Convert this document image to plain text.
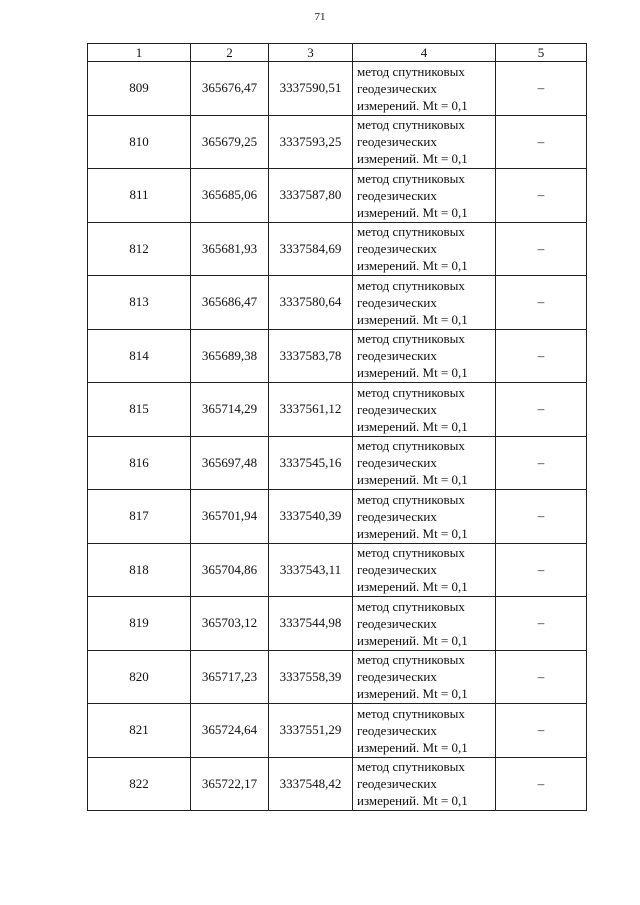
71
1	2	3	4	5
809	365676,47	3337590,51	метод спутниковых
геодезических
измерений. Mt = 0,1	–
810	365679,25	3337593,25	метод спутниковых
геодезических
измерений. Mt = 0,1	–
811	365685,06	3337587,80	метод спутниковых
геодезических
измерений. Mt = 0,1	–
812	365681,93	3337584,69	метод спутниковых
геодезических
измерений. Mt = 0,1	–
813	365686,47	3337580,64	метод спутниковых
геодезических
измерений. Mt = 0,1	–
814	365689,38	3337583,78	метод спутниковых
геодезических
измерений. Mt = 0,1	–
815	365714,29	3337561,12	метод спутниковых
геодезических
измерений. Mt = 0,1	–
816	365697,48	3337545,16	метод спутниковых
геодезических
измерений. Mt = 0,1	–
817	365701,94	3337540,39	метод спутниковых
геодезических
измерений. Mt = 0,1	–
818	365704,86	3337543,11	метод спутниковых
геодезических
измерений. Mt = 0,1	–
819	365703,12	3337544,98	метод спутниковых
геодезических
измерений. Mt = 0,1	–
820	365717,23	3337558,39	метод спутниковых
геодезических
измерений. Mt = 0,1	–
821	365724,64	3337551,29	метод спутниковых
геодезических
измерений. Mt = 0,1	–
822	365722,17	3337548,42	метод спутниковых
геодезических
измерений. Mt = 0,1	–
